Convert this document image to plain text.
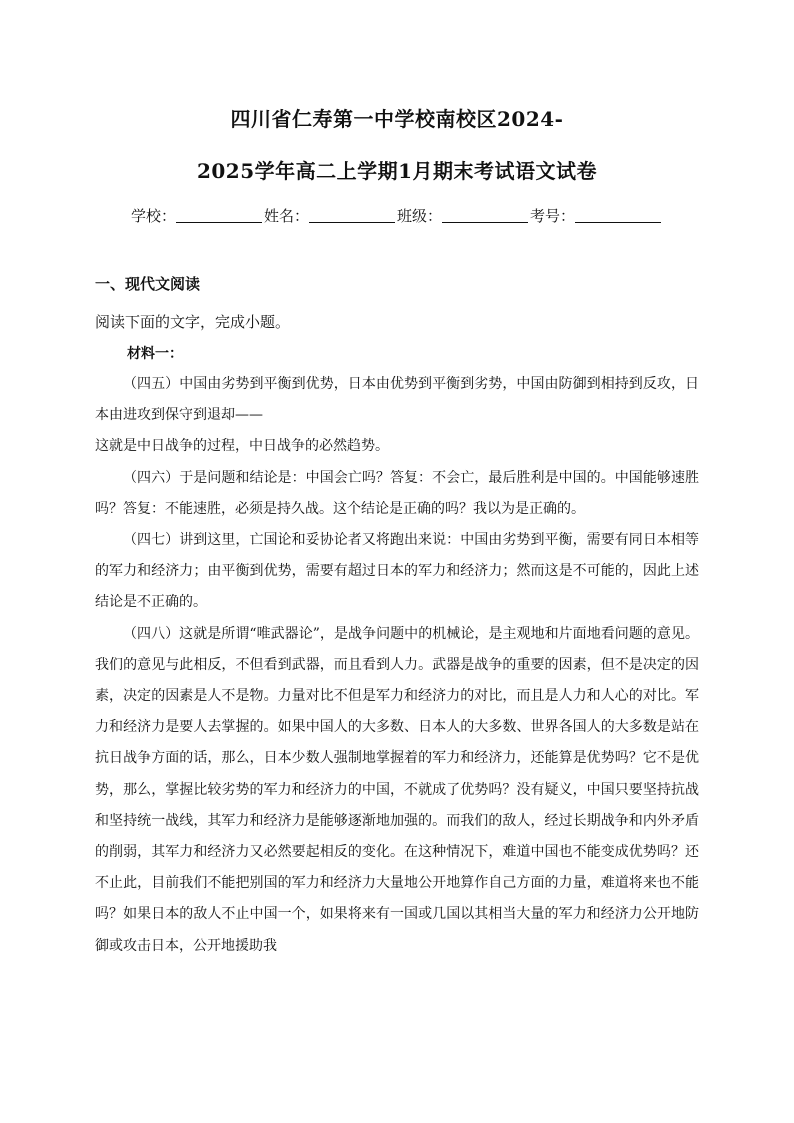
四川省仁寿第一中学校南校区2024-
2025学年高二上学期1月期末考试语文试卷
学校：	姓名：	班级：	考号：
一、现代文阅读
阅读下面的文字，完成小题。
材料一：

（四五）中国由劣势到平衡到优势，日本由优势到平衡到劣势，中国由防御到相持到反攻，日本由进攻到保守到退却——

这就是中日战争的过程，中日战争的必然趋势。

（四六）于是问题和结论是：中国会亡吗？答复：不会亡，最后胜利是中国的。中国能够速胜吗？答复：不能速胜，必须是持久战。这个结论是正确的吗？我以为是正确的。

（四七）讲到这里，亡国论和妥协论者又将跑出来说：中国由劣势到平衡，需要有同日本相等的军力和经济力；由平衡到优势，需要有超过日本的军力和经济力；然而这是不可能的，因此上述结论是不正确的。

（四八）这就是所谓“唯武器论”，是战争问题中的机械论，是主观地和片面地看问题的意见。我们的意见与此相反，不但看到武器，而且看到人力。武器是战争的重要的因素，但不是决定的因素，决定的因素是人不是物。力量对比不但是军力和经济力的对比，而且是人力和人心的对比。军力和经济力是要人去掌握的。如果中国人的大多数、日本人的大多数、世界各国人的大多数是站在抗日战争方面的话，那么，日本少数人强制地掌握着的军力和经济力，还能算是优势吗？它不是优势，那么，掌握比较劣势的军力和经济力的中国，不就成了优势吗？没有疑义，中国只要坚持抗战和坚持统一战线，其军力和经济力是能够逐渐地加强的。而我们的敌人，经过长期战争和内外矛盾的削弱，其军力和经济力又必然要起相反的变化。在这种情况下，难道中国也不能变成优势吗？还不止此，目前我们不能把别国的军力和经济力大量地公开地算作自己方面的力量，难道将来也不能吗？如果日本的敌人不止中国一个，如果将来有一国或几国以其相当大量的军力和经济力公开地防御或攻击日本，公开地援助我
